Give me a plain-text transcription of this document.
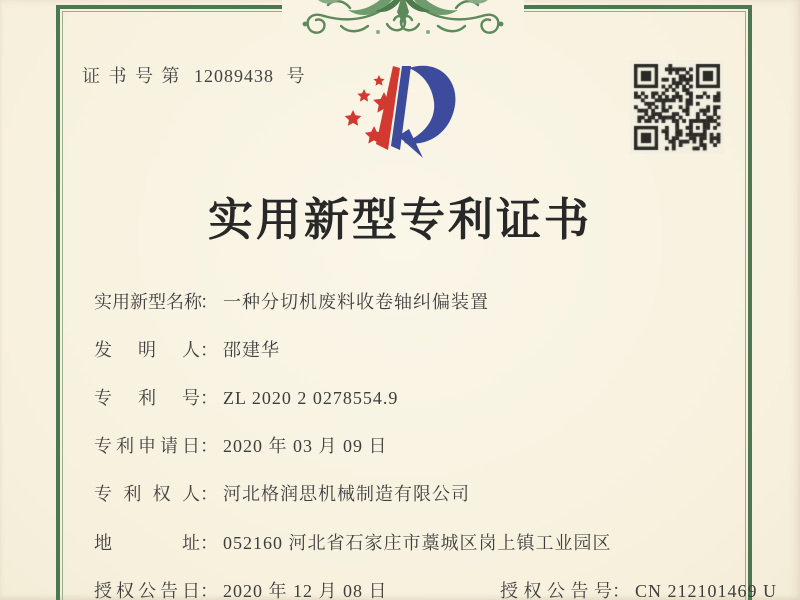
证 书 号 第 12089438 号
实用新型专利证书
实用新型名称： 一种分切机废料收卷轴纠偏装置
发明人： 邵建华
专利号： ZL 2020 2 0278554.9
专利申请日： 2020 年 03 月 09 日
专利权人： 河北格润思机械制造有限公司
地址： 052160 河北省石家庄市藁城区岗上镇工业园区
授权公告日： 2020 年 12 月 08 日	授权公告号： CN 212101469 U
